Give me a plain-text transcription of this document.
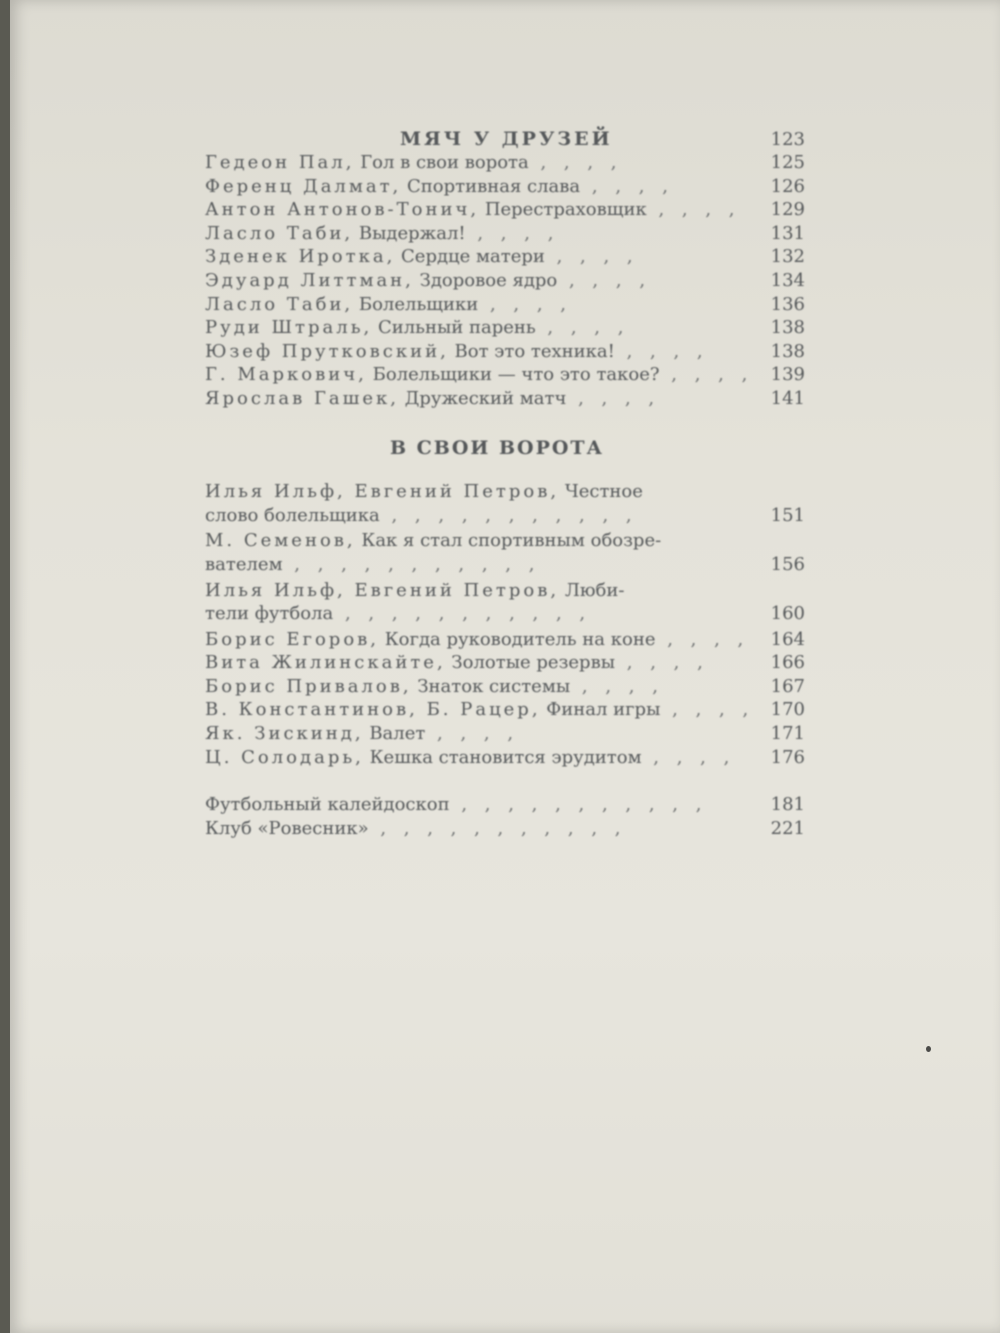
МЯЧ У ДРУЗЕЙ	123
Гедеон Пал, Гол в свои ворота , , , ,	125
Ференц Далмат, Спортивная слава , , , ,	126
Антон Антонов-Тонич, Перестраховщик , , , , 129
Ласло Таби, Выдержал! , , , ,	131
Зденек Иротка, Сердце матери , , , ,	132
Эдуард Литтман, Здоровое ядро , , , ,	134
Ласло Таби, Болельщики , , , ,	136
Руди Штраль, Сильный парень , , , ,	138
Юзеф Прутковский, Вот это техника! , , , ,	138
Г. Маркович, Болельщики — что это такое? , , , , 139
Ярослав Гашек, Дружеский матч , , , ,	141
В СВОИ ВОРОТА
Илья Ильф, Евгений Петров, Честное
слово болельщика , , , , , , , , , , ,	151
М. Семенов, Как я стал спортивным обозре-
вателем , , , , , , , , , , ,	156
Илья Ильф, Евгений Петров, Люби-
тели футбола , , , , , , , , , , ,	160
Борис Егоров, Когда руководитель на коне , , , , 164
Вита Жилинскайте, Золотые резервы , , , ,	166
Борис Привалов, Знаток системы , , , ,	167
В. Константинов, Б. Рацер, Финал игры , , , , 170
Як. Зискинд, Валет , , , ,	171
Ц. Солодарь, Кешка становится эрудитом , , , , 176
Футбольный калейдоскоп , , , , , , , , , , ,	181
Клуб «Ровесник» , , , , , , , , , , ,	221
